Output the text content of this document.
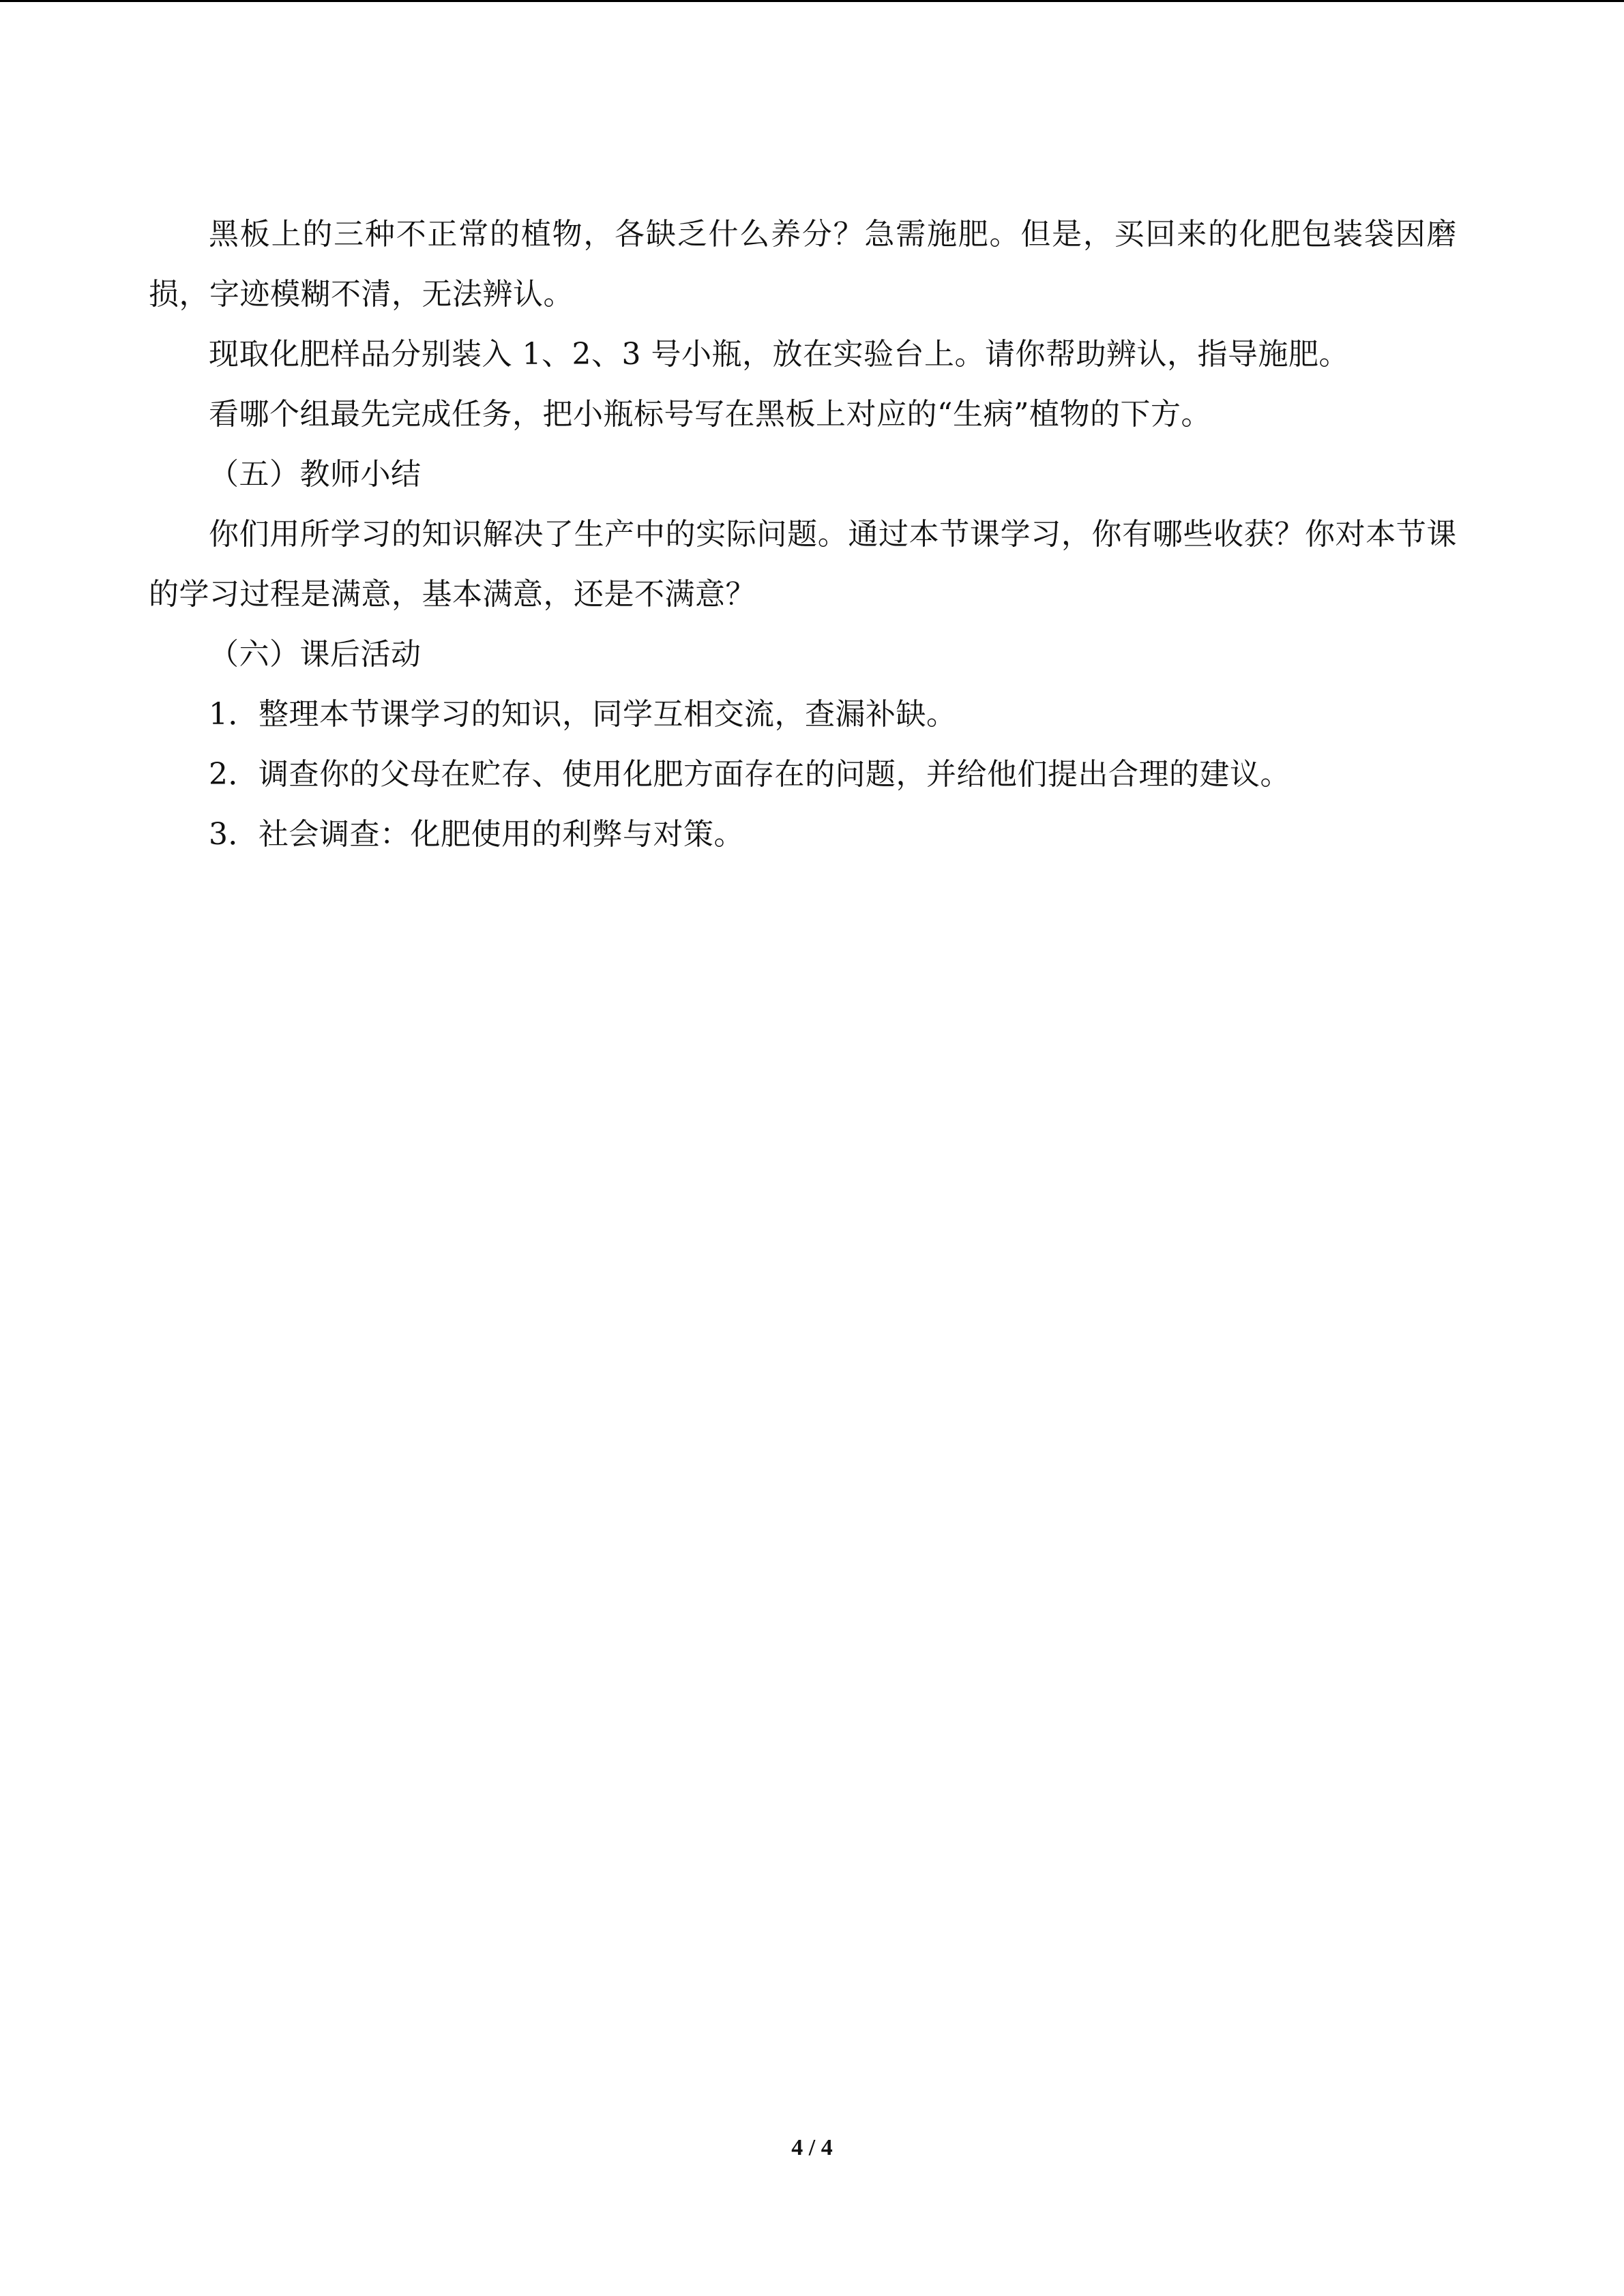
黑板上的三种不正常的植物，各缺乏什么养分？急需施肥。但是，买回来的化肥包装袋因磨损，字迹模糊不清，无法辨认。

现取化肥样品分别装入 1、2、3 号小瓶，放在实验台上。请你帮助辨认，指导施肥。

看哪个组最先完成任务，把小瓶标号写在黑板上对应的“生病”植物的下方。

（五）教师小结

你们用所学习的知识解决了生产中的实际问题。通过本节课学习，你有哪些收获？你对本节课的学习过程是满意，基本满意，还是不满意？

（六）课后活动

1．整理本节课学习的知识，同学互相交流，查漏补缺。

2．调查你的父母在贮存、使用化肥方面存在的问题，并给他们提出合理的建议。

3．社会调查：化肥使用的利弊与对策。

4 / 4
